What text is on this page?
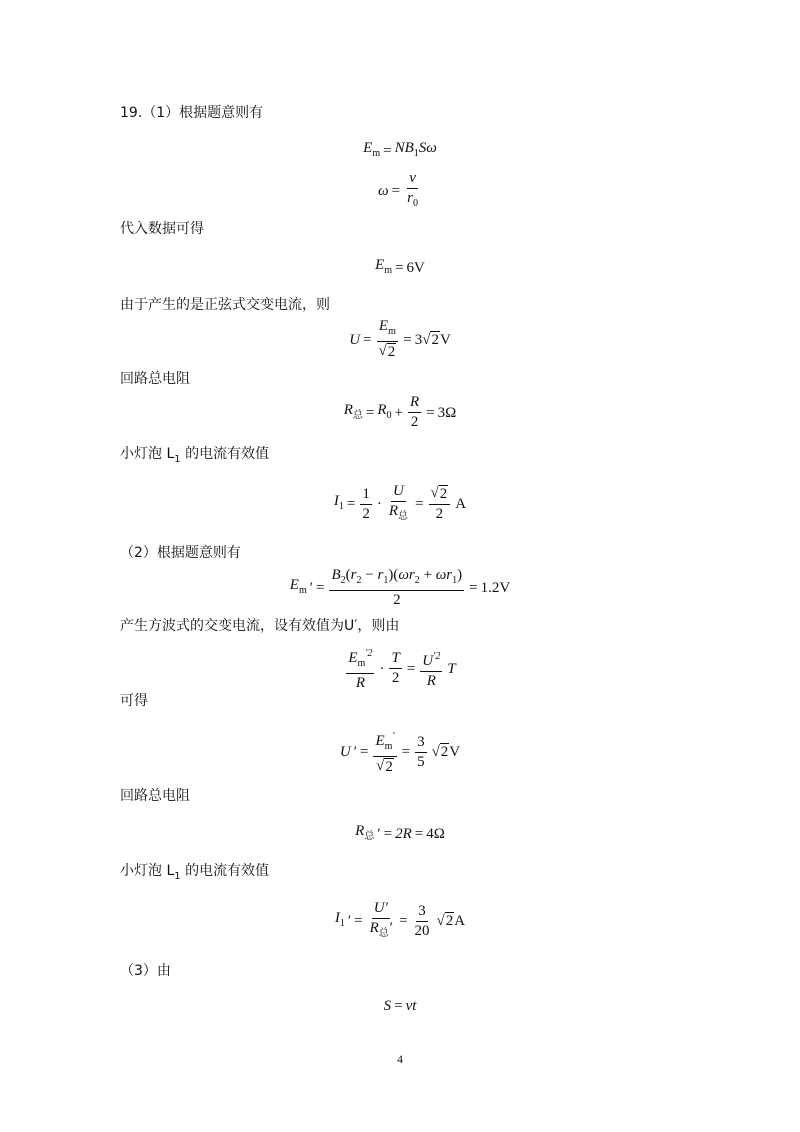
19.（1）根据题意则有
$E_m = NB_1S\omega$
$\omega = \frac{v}{r_0}$
代入数据可得
$E_m = 6V$
由于产生的是正弦式交变电流，则
$U = \frac{E_m}{√ 2} = 3√$ 2 V
回路总电阻
$R_总 = R_0 + \frac{R}{2} = 3\Omega$
小灯泡 $L_1$ 的电流有效值
$I_1 = \frac{1}{2} \cdot \frac{U}{R_总} = \frac{√ 2}{2}$ A
（2）根据题意则有
$E_m$ ′ = $\frac{B_2(r_2 - r_1)(\omega r_2 + \omega r_1)}{2} = 1.2V$
产生方波式的交变电流，设有效值为U′，则由
$\frac{E_m^{'2}}{R} \cdot \frac{T}{2} = \frac{U^{'2}}{R}$ T
可得
U ′ = $\frac{E_m'}{√ 2} = \frac{3}{5}$ √ 2 V
回路总电阻
$R_总$ ′ = 2R = 4Ω
小灯泡 $L_1$ 的电流有效值
$I_1$ ′ = $\frac{U'}{R_总'} = \frac{3}{20}$ √ 2 A
（3）由
S = vt
4
